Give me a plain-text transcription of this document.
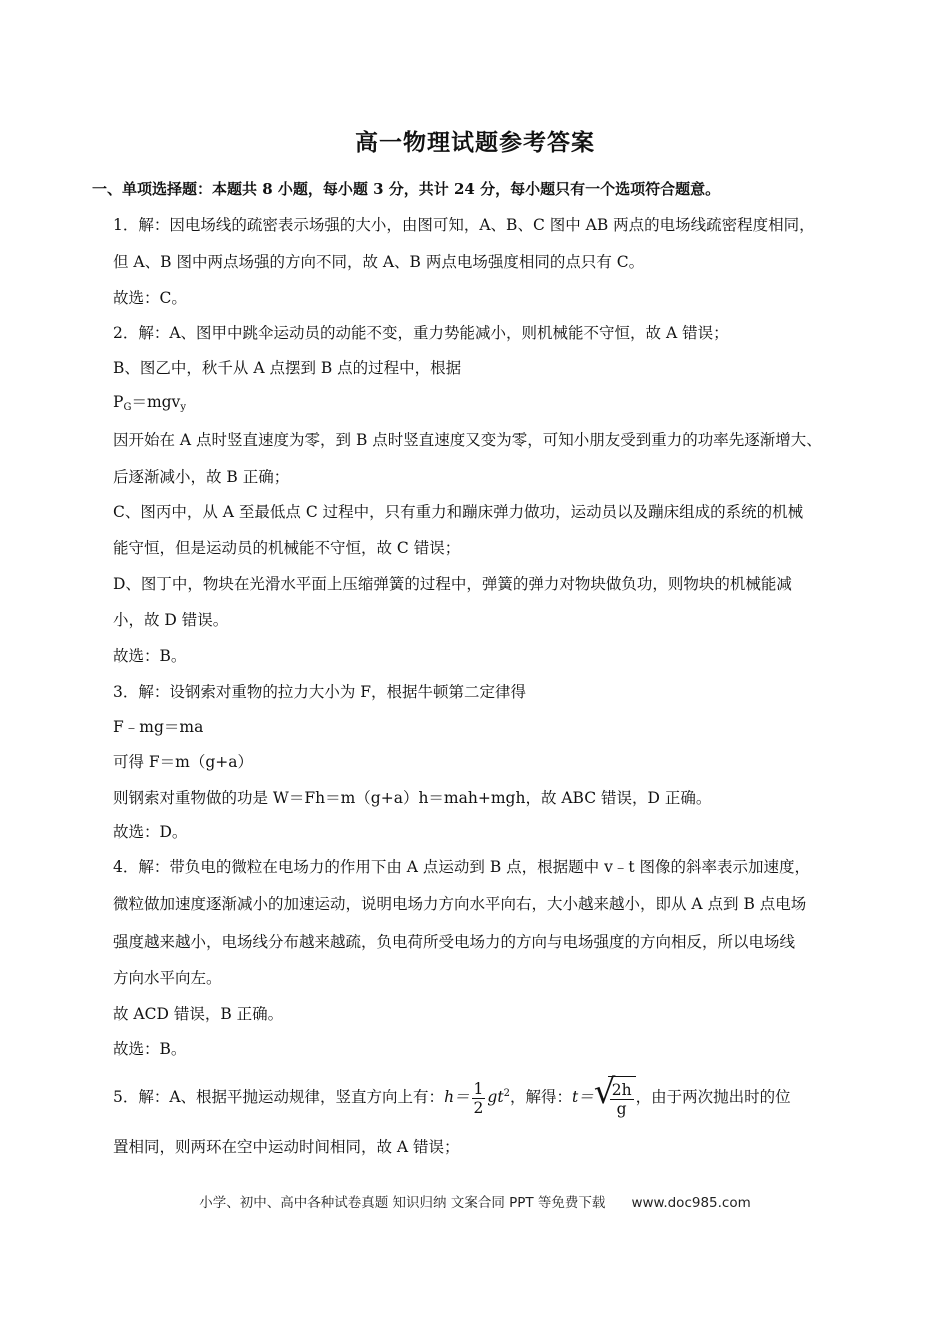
高一物理试题参考答案
一、单项选择题：本题共 8 小题，每小题 3 分，共计 24 分，每小题只有一个选项符合题意。
1．解：因电场线的疏密表示场强的大小，由图可知，A、B、C 图中 AB 两点的电场线疏密程度相同，
但 A、B 图中两点场强的方向不同，故 A、B 两点电场强度相同的点只有 C。
故选：C。
2．解：A、图甲中跳伞运动员的动能不变，重力势能减小，则机械能不守恒，故 A 错误；
B、图乙中，秋千从 A 点摆到 B 点的过程中，根据
$P_G=mgv_y$
因开始在 A 点时竖直速度为零，到 B 点时竖直速度又变为零，可知小朋友受到重力的功率先逐渐增大、
后逐渐减小，故 B 正确；
C、图丙中，从 A 至最低点 C 过程中，只有重力和蹦床弹力做功，运动员以及蹦床组成的系统的机械
能守恒，但是运动员的机械能不守恒，故 C 错误；
D、图丁中，物块在光滑水平面上压缩弹簧的过程中，弹簧的弹力对物块做负功，则物块的机械能减
小，故 D 错误。
故选：B。
3．解：设钢索对重物的拉力大小为 F，根据牛顿第二定律得
F﹣mg＝ma
可得 F＝m（g+a）
则钢索对重物做的功是 W＝Fh＝m（g+a）h＝mah+mgh，故 ABC 错误，D 正确。
故选：D。
4．解：带负电的微粒在电场力的作用下由 A 点运动到 B 点，根据题中 v﹣t 图像的斜率表示加速度，
微粒做加速度逐渐减小的加速运动，说明电场力方向水平向右，大小越来越小，即从 A 点到 B 点电场
强度越来越小，电场线分布越来越疏，负电荷所受电场力的方向与电场强度的方向相反，所以电场线
方向水平向左。
故 ACD 错误，B 正确。
故选：B。
5．解：A、根据平抛运动规律，竖直方向上有：$h= \frac{1}{2} gt^2$，解得：t＝ √
$\frac{2h}{g}$ ，由于两次抛出时的位
置相同，则两环在空中运动时间相同，故 A 错误；
小学、初中、高中各种试卷真题 知识归纳 文案合同 PPT 等免费下载 www.doc985.com
